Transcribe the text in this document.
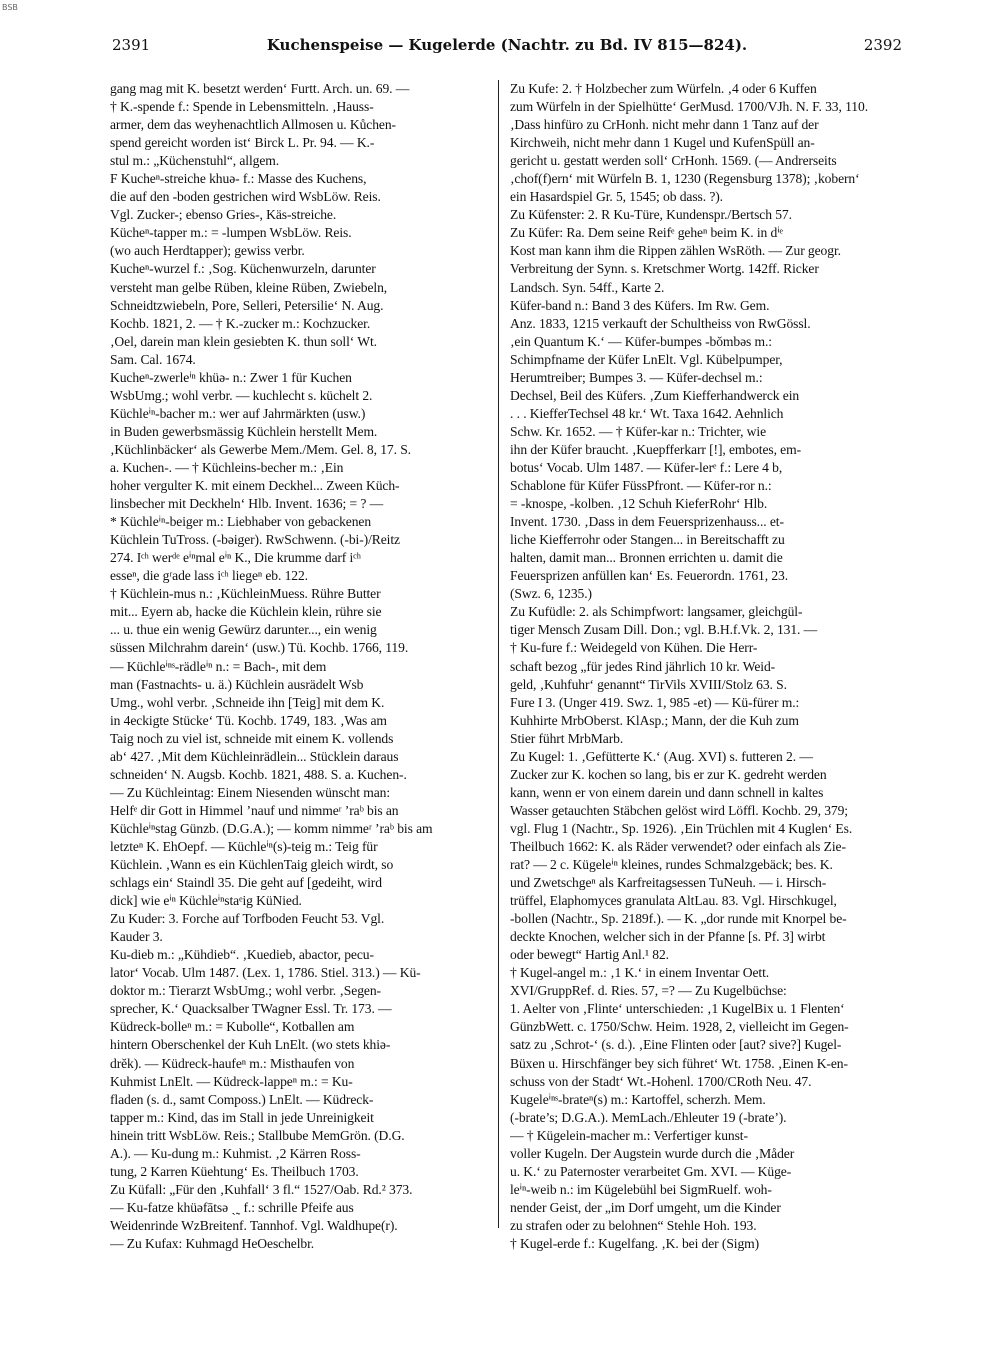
BSB
2391	Kuchenspeise — Kugelerde (Nachtr. zu Bd. IV 815—824).	2392
gang mag mit K. besetzt werden‘ Furtt. Arch. un. 69. —
† K.-spende f.: Spende in Lebensmitteln. ‚Hauss-
armer, dem das weyhenachtlich Allmosen u. Kůchen-
spend gereicht worden ist‘ Birck L. Pr. 94. — K.-
stul m.: „Küchenstuhl“, allgem.
F Kucheⁿ-streiche khuə- f.: Masse des Kuchens,
die auf den -boden gestrichen wird WsbLöw. Reis.
Vgl. Zucker-; ebenso Gries-, Käs-streiche.
Kücheⁿ-tapper m.: = -lumpen WsbLöw. Reis.
(wo auch Herdtapper); gewiss verbr.
Kucheⁿ-wurzel f.: ‚Sog. Küchenwurzeln, darunter
versteht man gelbe Rüben, kleine Rüben, Zwiebeln,
Schneidtzwiebeln, Pore, Selleri, Petersilie‘ N. Aug.
Kochb. 1821, 2. — † K.-zucker m.: Kochzucker.
‚Oel, darein man klein gesiebten K. thun soll‘ Wt.
Sam. Cal. 1674.
Kucheⁿ-zwerleⁱⁿ khüə- n.: Zwer 1 für Kuchen
WsbUmg.; wohl verbr. — kuchlecht s. küchelt 2.
Küchleⁱⁿ-bacher m.: wer auf Jahrmärkten (usw.)
in Buden gewerbsmässig Küchlein herstellt Mem.
‚Küchlinbäcker‘ als Gewerbe Mem./Mem. Gel. 8, 17. S.
a. Kuchen-. — † Küchleins-becher m.: ‚Ein
hoher vergulter K. mit einem Deckhel... Zween Küch-
linsbecher mit Deckheln‘ Hlb. Invent. 1636; = ? —
* Küchleⁱⁿ-beiger m.: Liebhaber von gebackenen
Küchlein TuTross. (-bəiger). RwSchwenn. (-bi-)/Reitz
274. Iᶜʰ werᵈᵉ eⁱⁿmal eⁱⁿ K., Die krumme darf iᶜʰ
esseⁿ, die gʳade lass iᶜʰ liegeⁿ eb. 122.
† Küchlein-mus n.: ‚KüchleinMuess. Rühre Butter
mit... Eyern ab, hacke die Küchlein klein, rühre sie
... u. thue ein wenig Gewürz darunter..., ein wenig
süssen Milchrahm darein‘ (usw.) Tü. Kochb. 1766, 119.
— Küchleⁱⁿˢ-rädleⁱⁿ n.: = Bach-, mit dem
man (Fastnachts- u. ä.) Küchlein ausrädelt Wsb
Umg., wohl verbr. ‚Schneide ihn [Teig] mit dem K.
in 4eckigte Stücke‘ Tü. Kochb. 1749, 183. ‚Was am
Taig noch zu viel ist, schneide mit einem K. vollends
ab‘ 427. ‚Mit dem Küchleinrädlein... Stücklein daraus
schneiden‘ N. Augsb. Kochb. 1821, 488. S. a. Kuchen-.
— Zu Küchleintag: Einem Niesenden wünscht man:
Helfᵉ dir Gott in Himmel ’nauf und nimmeʳ ’raᵇ bis an
Küchleⁱⁿstag Günzb. (D.G.A.); — komm nimmeʳ ’raᵇ bis am
letzteⁿ K. EhOepf. — Küchleⁱⁿ(s)-teig m.: Teig für
Küchlein. ‚Wann es ein KüchlenTaig gleich wirdt, so
schlags ein‘ Staindl 35. Die geht auf [gedeiht, wird
dick] wie eⁱⁿ Küchleⁱⁿstaᵉig KüNied.
Zu Kuder: 3. Forche auf Torfboden Feucht 53. Vgl.
Kauder 3.
Ku-dieb m.: „Kühdieb“. ‚Kuedieb, abactor, pecu-
lator‘ Vocab. Ulm 1487. (Lex. 1, 1786. Stiel. 313.) — Kü-
doktor m.: Tierarzt WsbUmg.; wohl verbr. ‚Segen-
sprecher, K.‘ Quacksalber TWagner Essl. Tr. 173. —
Küdreck-bolleⁿ m.: = Kubolle“, Kotballen am
hintern Oberschenkel der Kuh LnElt. (wo stets khiə-
drĕk). — Küdreck-haufeⁿ m.: Misthaufen von
Kuhmist LnElt. — Küdreck-lappeⁿ m.: = Ku-
fladen (s. d., samt Composs.) LnElt. — Küdreck-
tapper m.: Kind, das im Stall in jede Unreinigkeit
hinein tritt WsbLöw. Reis.; Stallbube MemGrön. (D.G.
A.). — Ku-dung m.: Kuhmist. ‚2 Kärren Ross-
tung, 2 Karren Küehtung‘ Es. Theilbuch 1703.
Zu Küfall: „Für den ‚Kuhfall‘ 3 fl.“ 1527/Oab. Rd.² 373.
— Ku-fatze khüəfātsə ˏ˷ f.: schrille Pfeife aus
Weidenrinde WzBreitenf. Tannhof. Vgl. Waldhupe(r).
— Zu Kufax: Kuhmagd HeOeschelbr.
Zu Kufe: 2. † Holzbecher zum Würfeln. ‚4 oder 6 Kuffen
zum Würfeln in der Spielhütte‘ GerMusd. 1700/VJh. N. F. 33, 110.
‚Dass hinfüro zu CrHonh. nicht mehr dann 1 Tanz auf der
Kirchweih, nicht mehr dann 1 Kugel und KufenSpüll an-
gericht u. gestatt werden soll‘ CrHonh. 1569. (— Andrerseits
‚chof(f)ern‘ mit Würfeln B. 1, 1230 (Regensburg 1378); ‚kobern‘
ein Hasardspiel Gr. 5, 1545; ob dass. ?).
Zu Küfenster: 2. R Ku-Türe, Kundenspr./Bertsch 57.
Zu Küfer: Ra. Dem seine Reifᵉ geheⁿ beim K. in dⁱᵉ
Kost man kann ihm die Rippen zählen WsRöth. — Zur geogr.
Verbreitung der Synn. s. Kretschmer Wortg. 142ff. Ricker
Landsch. Syn. 54ff., Karte 2.
Küfer-band n.: Band 3 des Küfers. Im Rw. Gem.
Anz. 1833, 1215 verkauft der Schultheiss von RwGössl.
‚ein Quantum K.‘ — Küfer-bumpes -bŏmbəs m.:
Schimpfname der Küfer LnElt. Vgl. Kübelpumper,
Herumtreiber; Bumpes 3. — Küfer-dechsel m.:
Dechsel, Beil des Küfers. ‚Zum Kiefferhandwerck ein
. . . KiefferTechsel 48 kr.‘ Wt. Taxa 1642. Aehnlich
Schw. Kr. 1652. — † Küfer-kar n.: Trichter, wie
ihn der Küfer braucht. ‚Kuepfferkarr [!], embotes, em-
botus‘ Vocab. Ulm 1487. — Küfer-lerᵉ f.: Lere 4 b,
Schablone für Küfer FüssPfront. — Küfer-ror n.:
= -knospe, -kolben. ‚12 Schuh KieferRohr‘ Hlb.
Invent. 1730. ‚Dass in dem Feuersprizenhauss... et-
liche Kiefferrohr oder Stangen... in Bereitschafft zu
halten, damit man... Bronnen errichten u. damit die
Feuersprizen anfüllen kan‘ Es. Feuerordn. 1761, 23.
(Swz. 6, 1235.)
Zu Kufüdle: 2. als Schimpfwort: langsamer, gleichgül-
tiger Mensch Zusam Dill. Don.; vgl. B.H.f.Vk. 2, 131. —
† Ku-fure f.: Weidegeld von Kühen. Die Herr-
schaft bezog „für jedes Rind jährlich 10 kr. Weid-
geld, ‚Kuhfuhr‘ genannt“ TirVils XVIII/Stolz 63. S.
Fure I 3. (Unger 419. Swz. 1, 985 -et) — Kü-fürer m.:
Kuhhirte MrbOberst. KlAsp.; Mann, der die Kuh zum
Stier führt MrbMarb.
Zu Kugel: 1. ‚Gefütterte K.‘ (Aug. XVI) s. futteren 2. —
Zucker zur K. kochen so lang, bis er zur K. gedreht werden
kann, wenn er von einem darein und dann schnell in kaltes
Wasser getauchten Stäbchen gelöst wird Löffl. Kochb. 29, 379;
vgl. Flug 1 (Nachtr., Sp. 1926). ‚Ein Trüchlen mit 4 Kuglen‘ Es.
Theilbuch 1662: K. als Räder verwendet? oder einfach als Zie-
rat? — 2 c. Kügeleⁱⁿ kleines, rundes Schmalzgebäck; bes. K.
und Zwetschgeⁿ als Karfreitagsessen TuNeuh. — i. Hirsch-
trüffel, Elaphomyces granulata AltLau. 83. Vgl. Hirschkugel,
-bollen (Nachtr., Sp. 2189f.). — K. „dor runde mit Knorpel be-
deckte Knochen, welcher sich in der Pfanne [s. Pf. 3] wirbt
oder bewegt“ Hartig Anl.¹ 82.
† Kugel-angel m.: ‚1 K.‘ in einem Inventar Oett.
XVI/GruppRef. d. Ries. 57, =? — Zu Kugelbüchse:
1. Aelter von ‚Flinte‘ unterschieden: ‚1 KugelBix u. 1 Flenten‘
GünzbWett. c. 1750/Schw. Heim. 1928, 2, vielleicht im Gegen-
satz zu ‚Schrot-‘ (s. d.). ‚Eine Flinten oder [aut? sive?] Kugel-
Büxen u. Hirschfänger bey sich führet‘ Wt. 1758. ‚Einen K-en-
schuss von der Stadt‘ Wt.-Hohenl. 1700/CRoth Neu. 47.
Kugeleⁱⁿˢ-brateⁿ(s) m.: Kartoffel, scherzh. Mem.
(-brate’s; D.G.A.). MemLach./Ehleuter 19 (-brate’).
— † Kügelein-macher m.: Verfertiger kunst-
voller Kugeln. Der Augstein wurde durch die ‚Måder
u. K.‘ zu Paternoster verarbeitet Gm. XVI. — Küge-
leⁱⁿ-weib n.: im Kügelebühl bei SigmRuelf. woh-
nender Geist, der „im Dorf umgeht, um die Kinder
zu strafen oder zu belohnen“ Stehle Hoh. 193.
† Kugel-erde f.: Kugelfang. ‚K. bei der (Sigm)
